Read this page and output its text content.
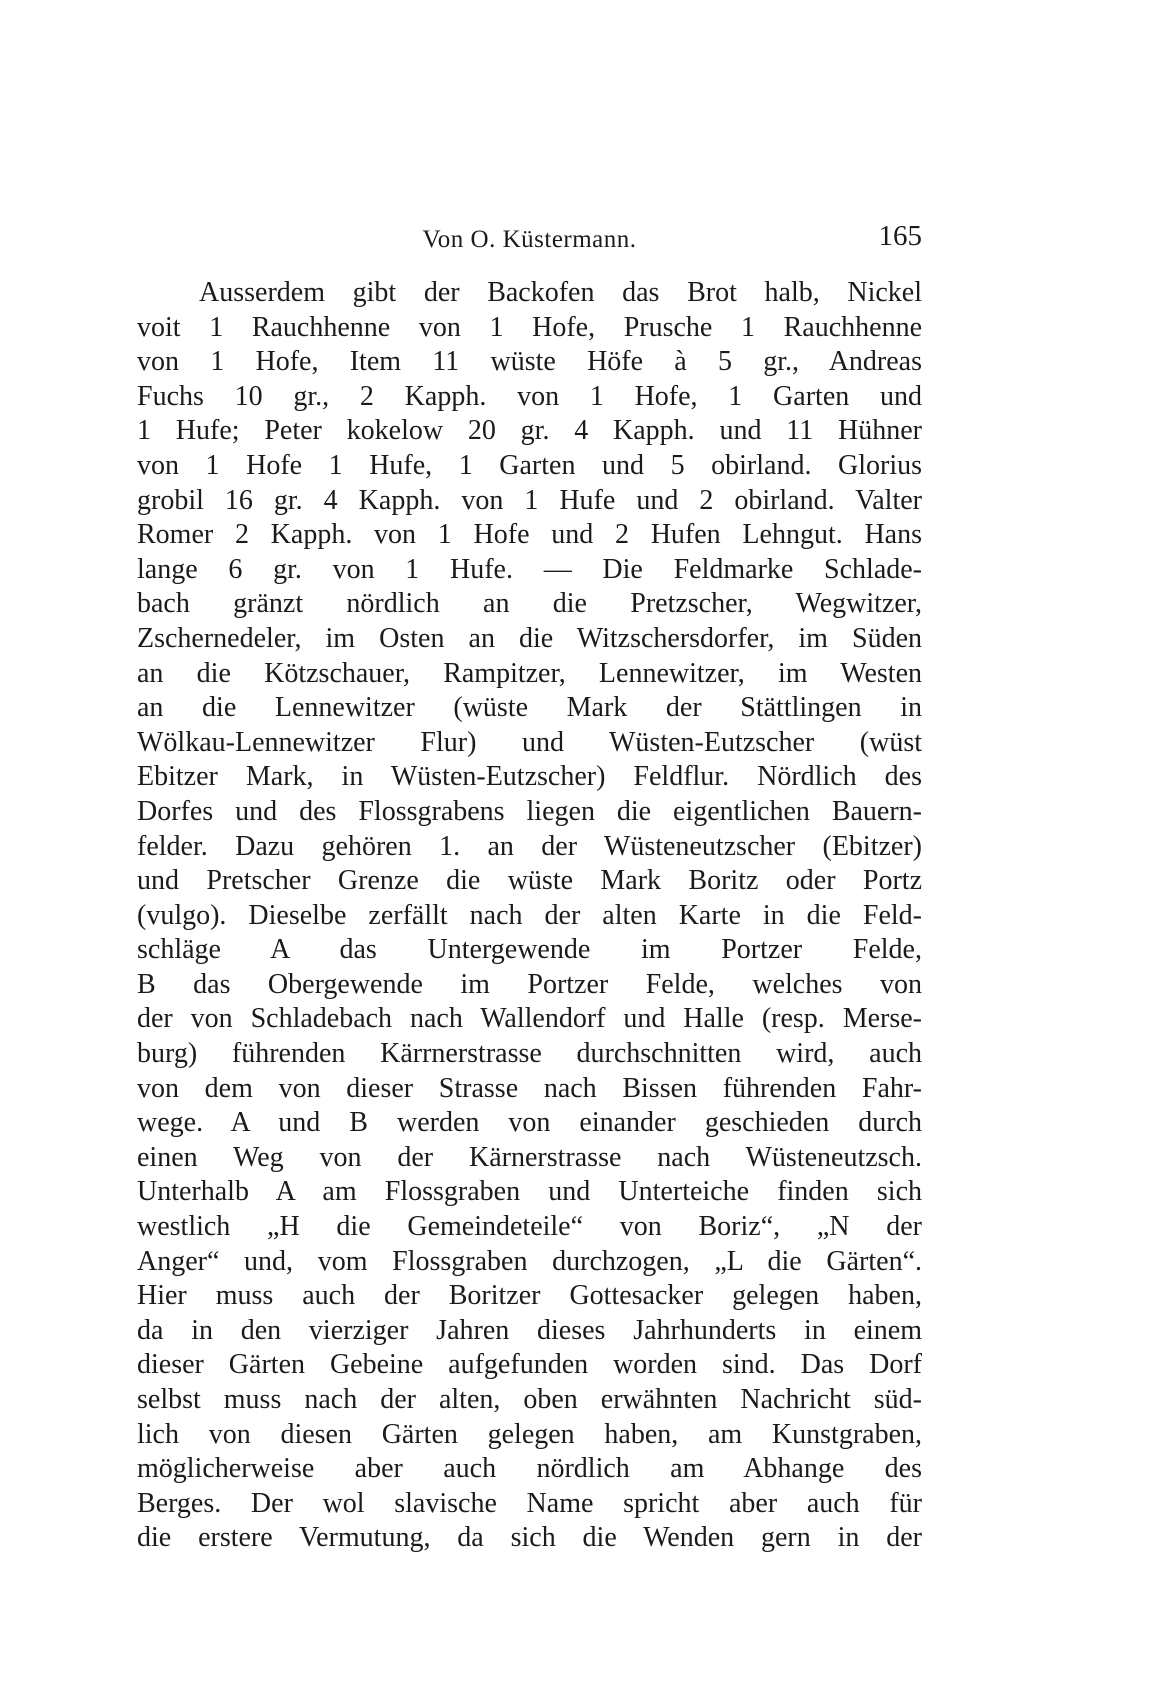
Von O. Küstermann.	165
Ausserdem gibt der Backofen das Brot halb, Nickel
voit 1 Rauchhenne von 1 Hofe, Prusche 1 Rauchhenne
von 1 Hofe, Item 11 wüste Höfe à 5 gr., Andreas
Fuchs 10 gr., 2 Kapph. von 1 Hofe, 1 Garten und
1 Hufe; Peter kokelow 20 gr. 4 Kapph. und 11 Hühner
von 1 Hofe 1 Hufe, 1 Garten und 5 obirland. Glorius
grobil 16 gr. 4 Kapph. von 1 Hufe und 2 obirland. Valter
Romer 2 Kapph. von 1 Hofe und 2 Hufen Lehngut. Hans
lange 6 gr. von 1 Hufe. — Die Feldmarke Schlade-
bach gränzt nördlich an die Pretzscher, Wegwitzer,
Zschernedeler, im Osten an die Witzschersdorfer, im Süden
an die Kötzschauer, Rampitzer, Lennewitzer, im Westen
an die Lennewitzer (wüste Mark der Stättlingen in
Wölkau-Lennewitzer Flur) und Wüsten-Eutzscher (wüst
Ebitzer Mark, in Wüsten-Eutzscher) Feldflur. Nördlich des
Dorfes und des Flossgrabens liegen die eigentlichen Bauern-
felder. Dazu gehören 1. an der Wüsteneutzscher (Ebitzer)
und Pretscher Grenze die wüste Mark Boritz oder Portz
(vulgo). Dieselbe zerfällt nach der alten Karte in die Feld-
schläge A das Untergewende im Portzer Felde,
B das Obergewende im Portzer Felde, welches von
der von Schladebach nach Wallendorf und Halle (resp. Merse-
burg) führenden Kärrnerstrasse durchschnitten wird, auch
von dem von dieser Strasse nach Bissen führenden Fahr-
wege. A und B werden von einander geschieden durch
einen Weg von der Kärnerstrasse nach Wüsteneutzsch.
Unterhalb A am Flossgraben und Unterteiche finden sich
westlich „H die Gemeindeteile“ von Boriz“, „N der
Anger“ und, vom Flossgraben durchzogen, „L die Gärten“.
Hier muss auch der Boritzer Gottesacker gelegen haben,
da in den vierziger Jahren dieses Jahrhunderts in einem
dieser Gärten Gebeine aufgefunden worden sind. Das Dorf
selbst muss nach der alten, oben erwähnten Nachricht süd-
lich von diesen Gärten gelegen haben, am Kunstgraben,
möglicherweise aber auch nördlich am Abhange des
Berges. Der wol slavische Name spricht aber auch für
die erstere Vermutung, da sich die Wenden gern in der
